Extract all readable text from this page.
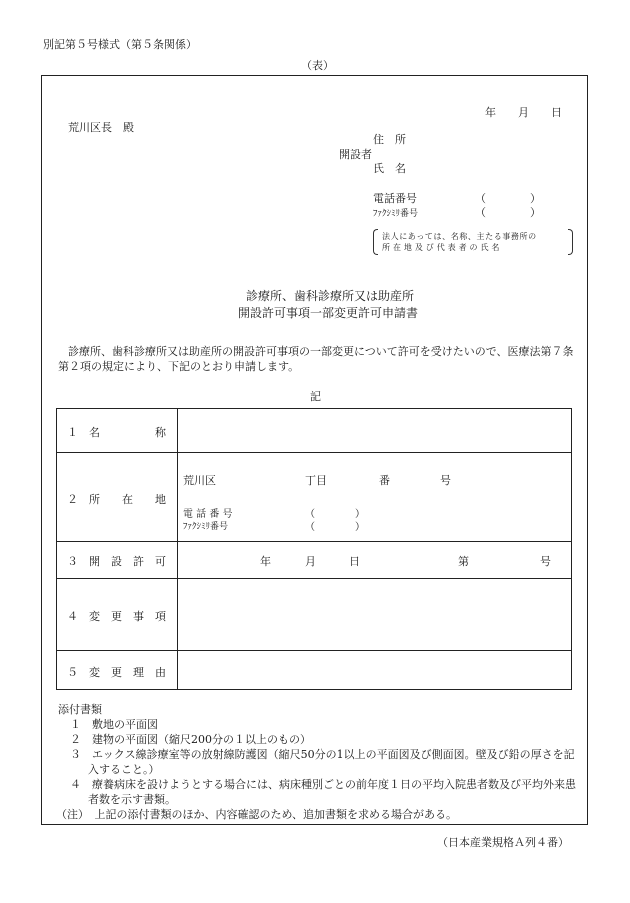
別記第５号様式（第５条関係）
（表）
年 月 日
荒川区長　殿
住　所
開設者
氏　名
電話番号	（　　　　）
ﾌｧｸｼﾐﾘ番号	（　　　　）
法人にあっては、名称、主たる事務所の
所 在 地 及 び 代 表 者 の 氏 名
診療所、歯科診療所又は助産所
開設許可事項一部変更許可申請書
診療所、歯科診療所又は助産所の開設許可事項の一部変更について許可を受けたいので、医療法第７条
第２項の規定により、下記のとおり申請します。
記
１　名　　　　　称
２　所　　在　　地
荒川区	丁目	番	号
電 話 番 号	（　　　　）
ﾌｧｸｼﾐﾘ番号	（　　　　）
３　開　設　許　可	年	月	日	第	号
４　変　更　事　項
５　変　更　理　由
添付書類
１　敷地の平面図
２　建物の平面図（縮尺200分の１以上のもの）
３　エックス線診療室等の放射線防護図（縮尺50分の1以上の平面図及び側面図。壁及び鉛の厚さを記
入すること。）
４　療養病床を設けようとする場合には、病床種別ごとの前年度１日の平均入院患者数及び平均外来患
者数を示す書類。
（注）　上記の添付書類のほか、内容確認のため、追加書類を求める場合がある。
（日本産業規格Ａ列４番）
